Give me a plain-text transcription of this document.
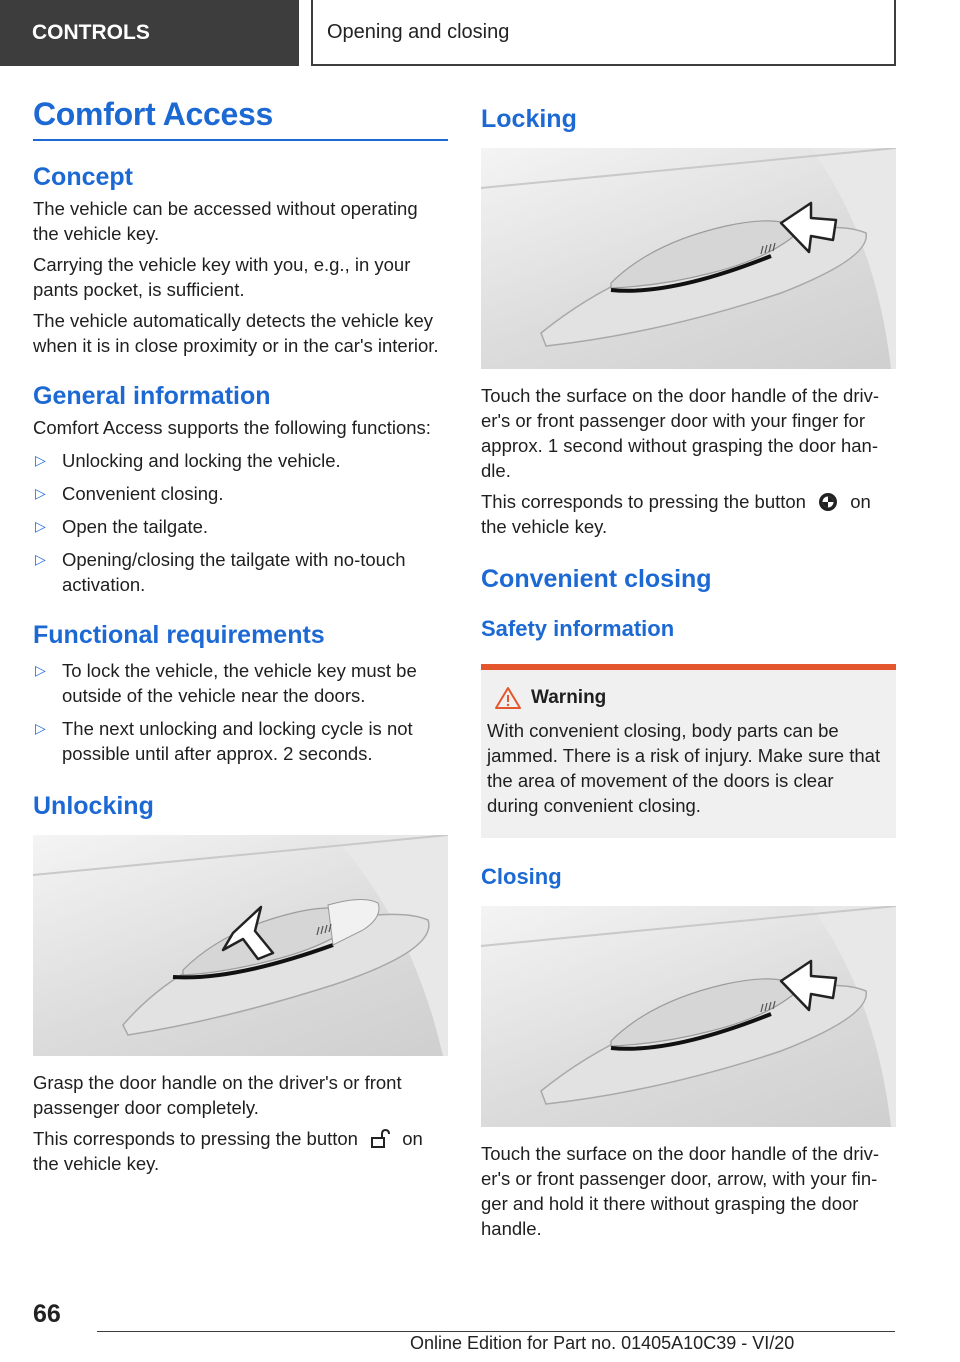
CONTROLS	Opening and closing
Comfort Access
Concept

The vehicle can be accessed without operating the vehicle key.

Carrying the vehicle key with you, e.g., in your pants pocket, is sufficient.

The vehicle automatically detects the vehicle key when it is in close proximity or in the car's interior.

General information

Comfort Access supports the following functions:

▷ Unlocking and locking the vehicle.
▷ Convenient closing.
▷ Open the tailgate.
▷ Opening/closing the tailgate with no-touch activation.
Functional requirements
▷ To lock the vehicle, the vehicle key must be outside of the vehicle near the doors.
▷ The next unlocking and locking cycle is not possible until after approx. 2 seconds.
Unlocking

Grasp the door handle on the driver's or front passenger door completely.

This corresponds to pressing the button on the vehicle key.

Locking

Touch the surface on the door handle of the driver's or front passenger door with your finger for approx. 1 second without grasping the door handle.

This corresponds to pressing the button on the vehicle key.

Convenient closing
Safety information
Warning

With convenient closing, body parts can be jammed. There is a risk of injury. Make sure that the area of movement of the doors is clear during convenient closing.

Closing

Touch the surface on the door handle of the driver's or front passenger door, arrow, with your finger and hold it there without grasping the door handle.

66
Online Edition for Part no. 01405A10C39 - VI/20
